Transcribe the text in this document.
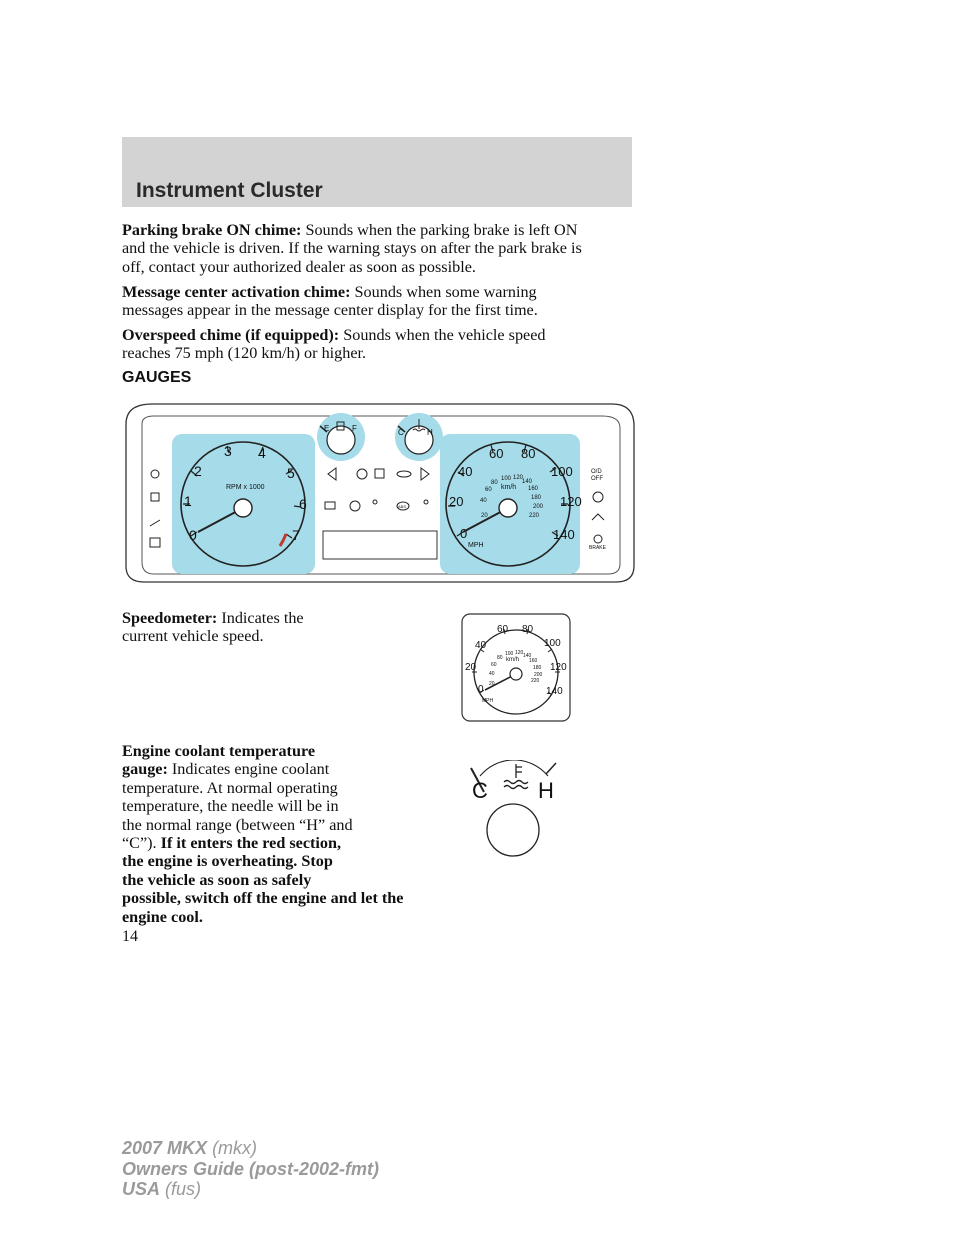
Instrument Cluster

Parking brake ON chime: Sounds when the parking brake is left ON
and the vehicle is driven. If the warning stays on after the park brake is
off, contact your authorized dealer as soon as possible.

Message center activation chime: Sounds when some warning
messages appear in the message center display for the first time.

Overspeed chime (if equipped): Sounds when the vehicle speed
reaches 75 mph (120 km/h) or higher.

GAUGES
0
1
2
3 4
5
6
7
RPM x 1000
0
20
40
60 80
100
120
140
20
40
60
80
100 120
140
160
180
200
220
km/h
MPH
E	F	C	H
ABS
O/D
OFF
BRAKE

Speedometer: Indicates the
current vehicle speed.

0
20
40
60 80
100
120
140
20
40
60
80
100 120 140
160
180
200
220
km/h
MPH

Engine coolant temperature
gauge: Indicates engine coolant
temperature. At normal operating
temperature, the needle will be in
the normal range (between “H” and
“C”). If it enters the red section,
the engine is overheating. Stop
the vehicle as soon as safely
possible, switch off the engine and let the engine cool.

C H
14
2007 MKX (mkx)
Owners Guide (post-2002-fmt)
USA (fus)
